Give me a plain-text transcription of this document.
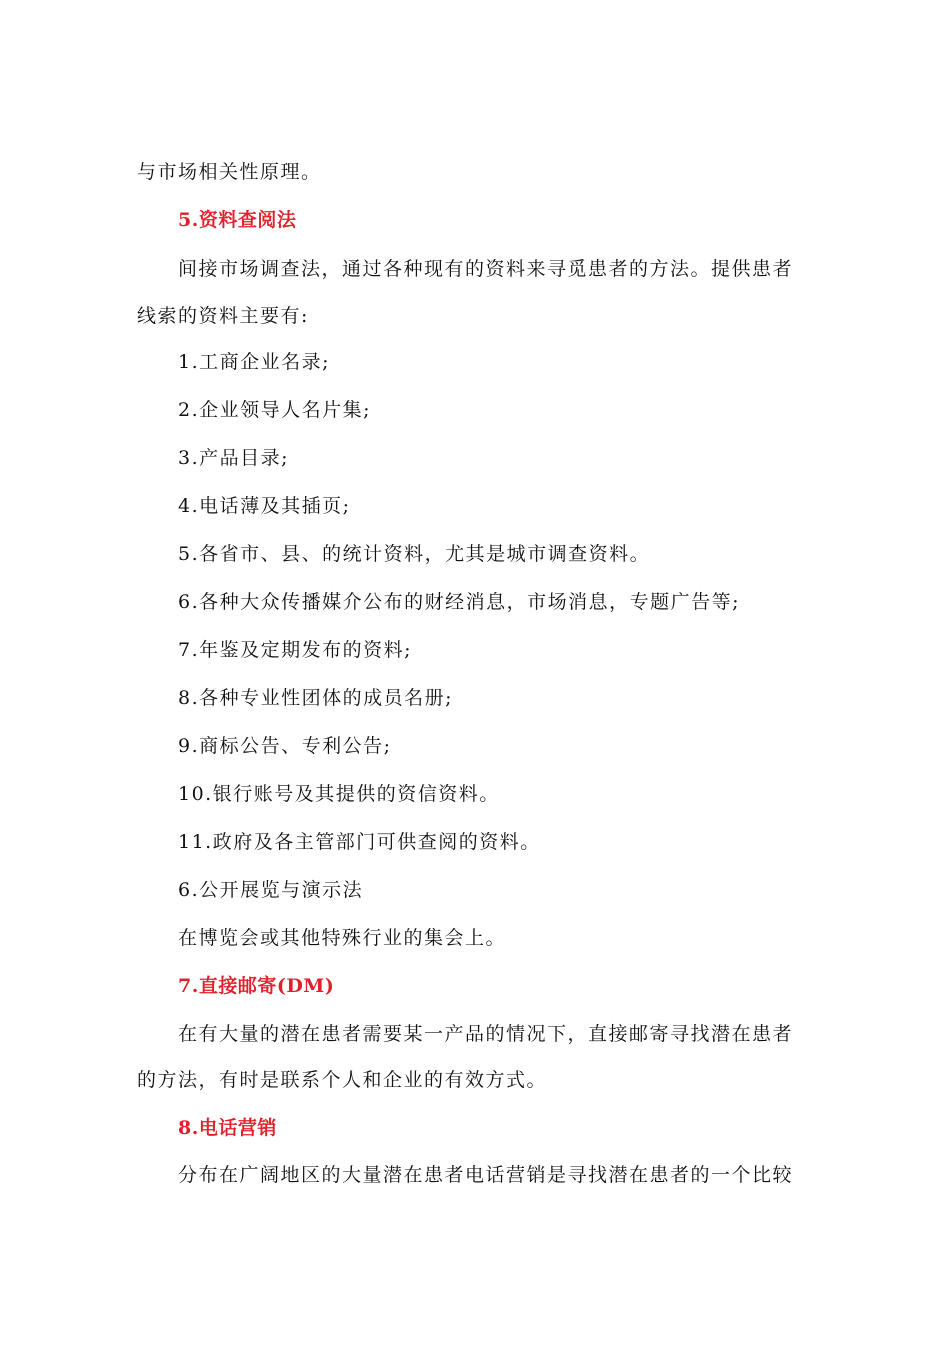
与市场相关性原理。
5.资料查阅法
间接市场调查法，通过各种现有的资料来寻觅患者的方法。提供患者
线索的资料主要有:
1.工商企业名录;
2.企业领导人名片集;
3.产品目录;
4.电话薄及其插页;
5.各省市、县、的统计资料，尤其是城市调查资料。
6.各种大众传播媒介公布的财经消息，市场消息，专题广告等;
7.年鉴及定期发布的资料;
8.各种专业性团体的成员名册;
9.商标公告、专利公告;
10.银行账号及其提供的资信资料。
11.政府及各主管部门可供查阅的资料。
6.公开展览与演示法
在博览会或其他特殊行业的集会上。
7.直接邮寄(DM)
在有大量的潜在患者需要某一产品的情况下，直接邮寄寻找潜在患者
的方法，有时是联系个人和企业的有效方式。
8.电话营销
分布在广阔地区的大量潜在患者电话营销是寻找潜在患者的一个比较
